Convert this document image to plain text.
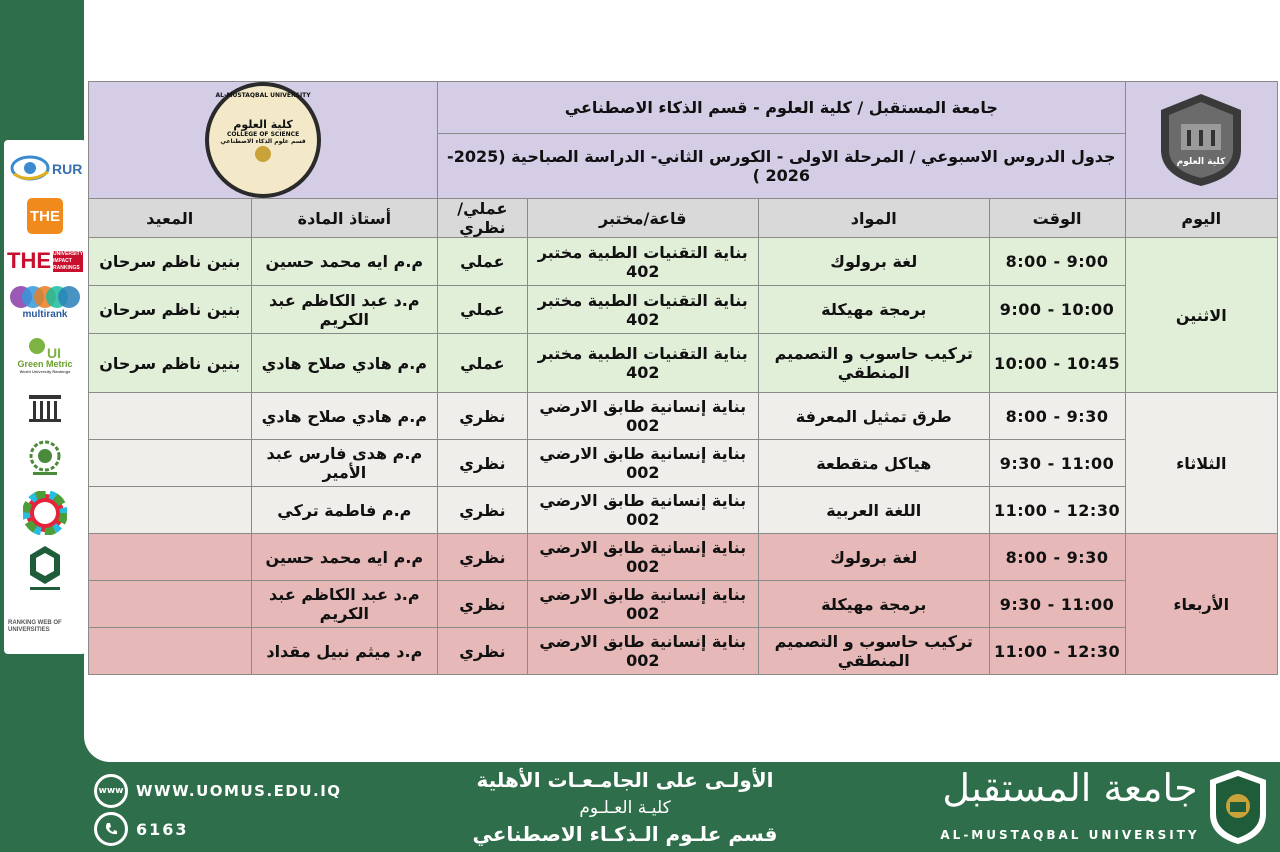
RUR
THE
THE UNIVERSITY IMPACT RANKINGS
multirank
UI
Green Metric
World University Rankings
RANKING WEB OF UNIVERSITIES
كلية العلوم	جامعة المستقبل / كلية العلوم - قسم الذكاء الاصطناعي				AL-MUSTAQBAL UNIVERSITY
كلية العلوم
COLLEGE OF SCIENCE
قسم علوم الذكاء الاصطناعي	

	جدول الدروس الاسبوعي / المرحلة الاولى - الكورس الثاني- الدراسة الصباحية (2025-2026 )					
اليوم	الوقت	المواد	قاعة/مختبر	عملي/نظري	أستاذ المادة	المعيد
الاثنين	8:00 - 9:00	لغة برولوك	بناية التقنيات الطبية مختبر 402	عملي	م.م ايه محمد حسين	بنين ناظم سرحان
	9:00 - 10:00	برمجة مهيكلة	بناية التقنيات الطبية مختبر 402	عملي	م.د عبد الكاظم عبد الكريم	بنين ناظم سرحان
	10:00 - 10:45	تركيب حاسوب و التصميم المنطقي	بناية التقنيات الطبية مختبر 402	عملي	م.م هادي صلاح هادي	بنين ناظم سرحان
الثلاثاء	8:00 - 9:30	طرق تمثيل المعرفة	بناية إنسانية طابق الارضي 002	نظري	م.م هادي صلاح هادي	
	9:30 - 11:00	هياكل متقطعة	بناية إنسانية طابق الارضي 002	نظري	م.م هدى فارس عبد الأمير	
	11:00 - 12:30	اللغة العربية	بناية إنسانية طابق الارضي 002	نظري	م.م فاطمة تركي	
الأربعاء	8:00 - 9:30	لغة برولوك	بناية إنسانية طابق الارضي 002	نظري	م.م ايه محمد حسين	
	9:30 - 11:00	برمجة مهيكلة	بناية إنسانية طابق الارضي 002	نظري	م.د عبد الكاظم عبد الكريم	
	11:00 - 12:30	تركيب حاسوب و التصميم المنطقي	بناية إنسانية طابق الارضي 002	نظري	م.د ميثم نبيل مقداد	
www WWW.UOMUS.EDU.IQ
6163
الأولـى على الجامـعـات الأهلية
كليـة العـلـوم
قسم علـوم الـذكـاء الاصطناعي
جامعة المستقبل
AL-MUSTAQBAL UNIVERSITY
